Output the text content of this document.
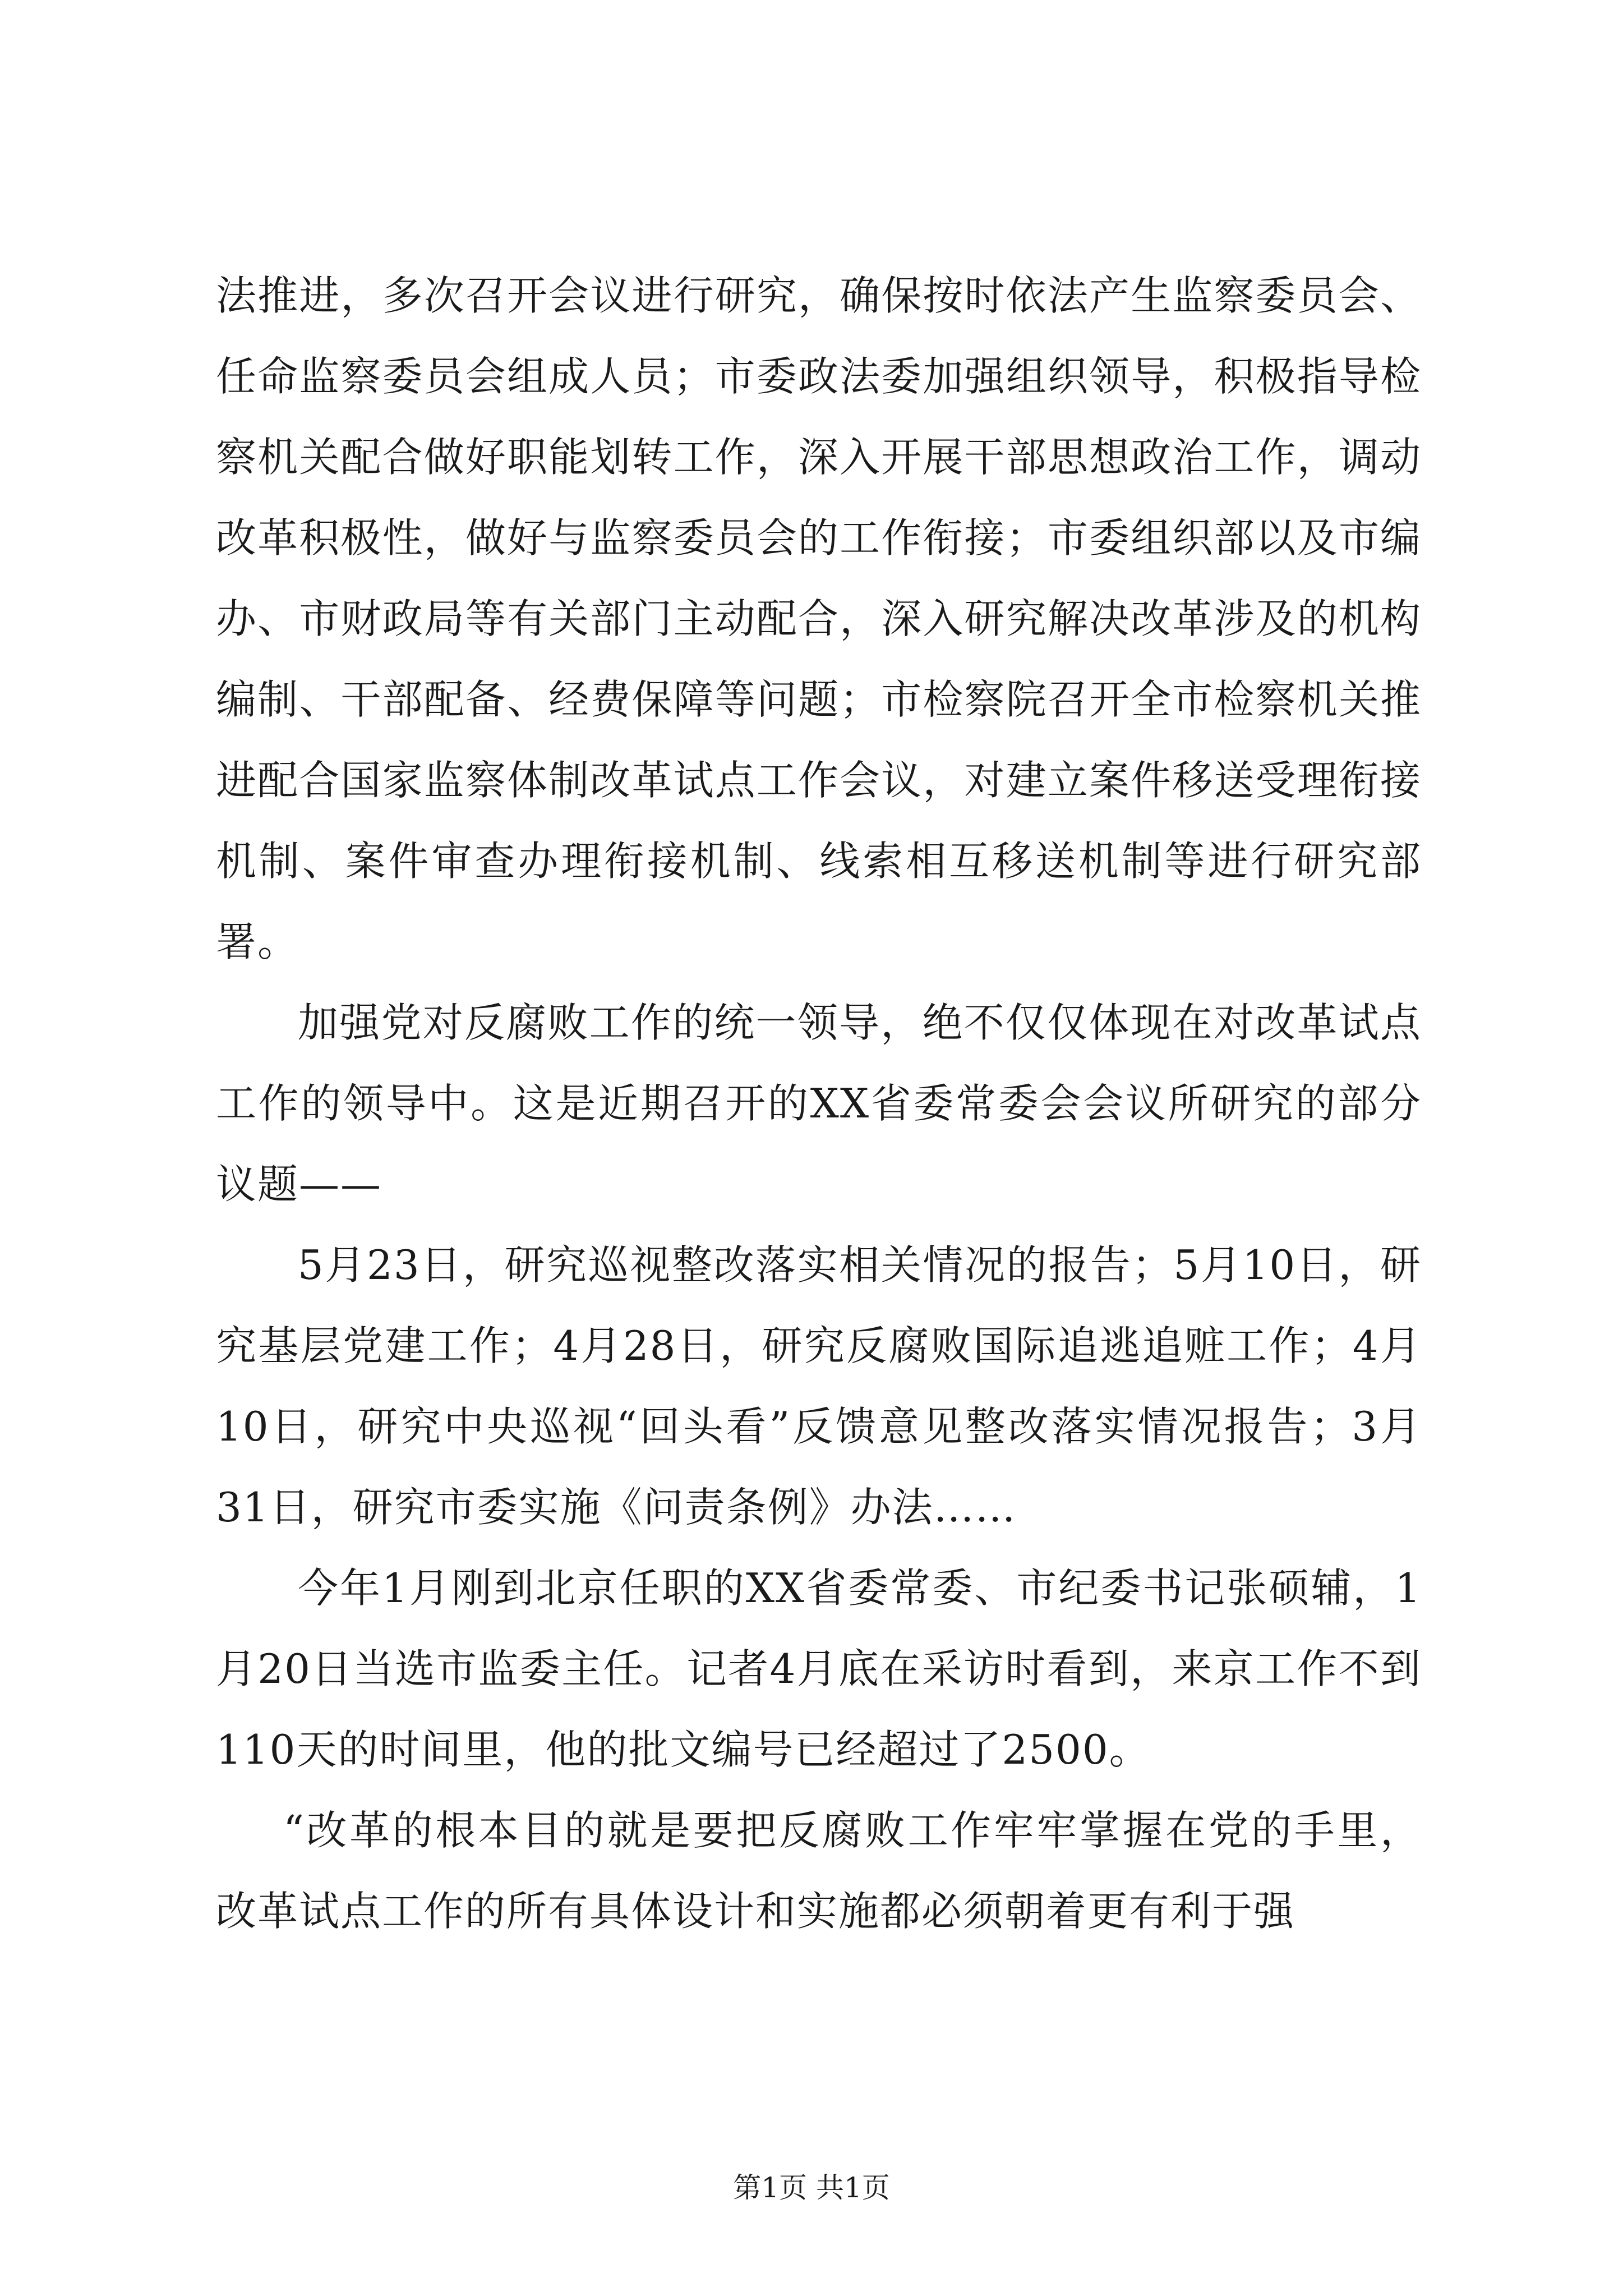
法推进，多次召开会议进行研究，确保按时依法产生监察委员会、任命监察委员会组成人员；市委政法委加强组织领导，积极指导检察机关配合做好职能划转工作，深入开展干部思想政治工作，调动改革积极性，做好与监察委员会的工作衔接；市委组织部以及市编办、市财政局等有关部门主动配合，深入研究解决改革涉及的机构编制、干部配备、经费保障等问题；市检察院召开全市检察机关推进配合国家监察体制改革试点工作会议，对建立案件移送受理衔接机制、案件审查办理衔接机制、线索相互移送机制等进行研究部署。

加强党对反腐败工作的统一领导，绝不仅仅体现在对改革试点工作的领导中。这是近期召开的XX省委常委会会议所研究的部分议题——

5月23日，研究巡视整改落实相关情况的报告；5月10日，研究基层党建工作；4月28日，研究反腐败国际追逃追赃工作；4月10日，研究中央巡视“回头看”反馈意见整改落实情况报告；3月31日，研究市委实施《问责条例》办法……

今年1月刚到北京任职的XX省委常委、市纪委书记张硕辅，1月20日当选市监委主任。记者4月底在采访时看到，来京工作不到110天的时间里，他的批文编号已经超过了2500。

“改革的根本目的就是要把反腐败工作牢牢掌握在党的手里，改革试点工作的所有具体设计和实施都必须朝着更有利于强

第1页 共1页
